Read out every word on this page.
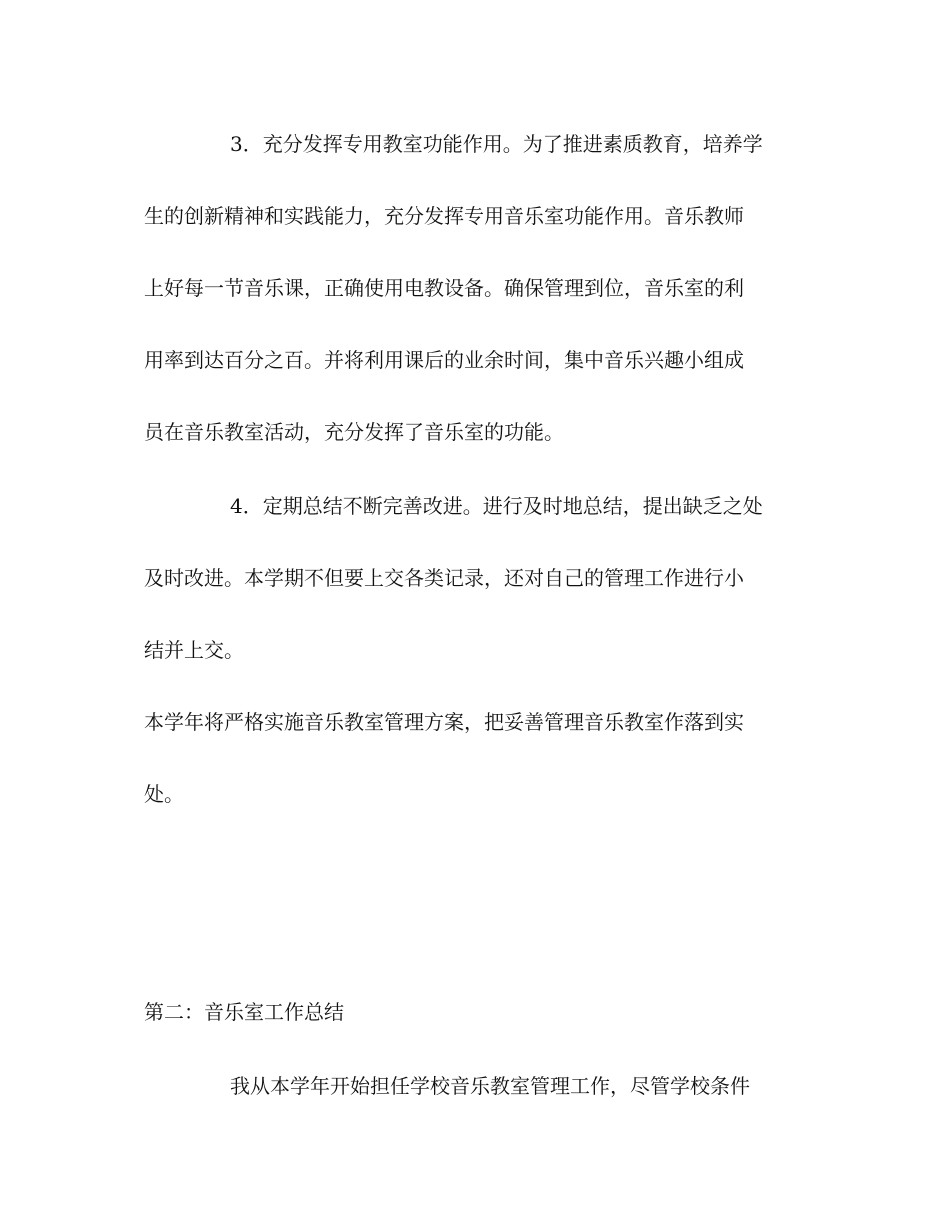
3．充分发挥专用教室功能作用。为了推进素质教育，培养学

生的创新精神和实践能力，充分发挥专用音乐室功能作用。音乐教师

上好每一节音乐课，正确使用电教设备。确保管理到位，音乐室的利

用率到达百分之百。并将利用课后的业余时间，集中音乐兴趣小组成

员在音乐教室活动，充分发挥了音乐室的功能。

4．定期总结不断完善改进。进行及时地总结，提出缺乏之处

及时改进。本学期不但要上交各类记录，还对自己的管理工作进行小

结并上交。

本学年将严格实施音乐教室管理方案，把妥善管理音乐教室作落到实

处。

第二：音乐室工作总结

我从本学年开始担任学校音乐教室管理工作，尽管学校条件
